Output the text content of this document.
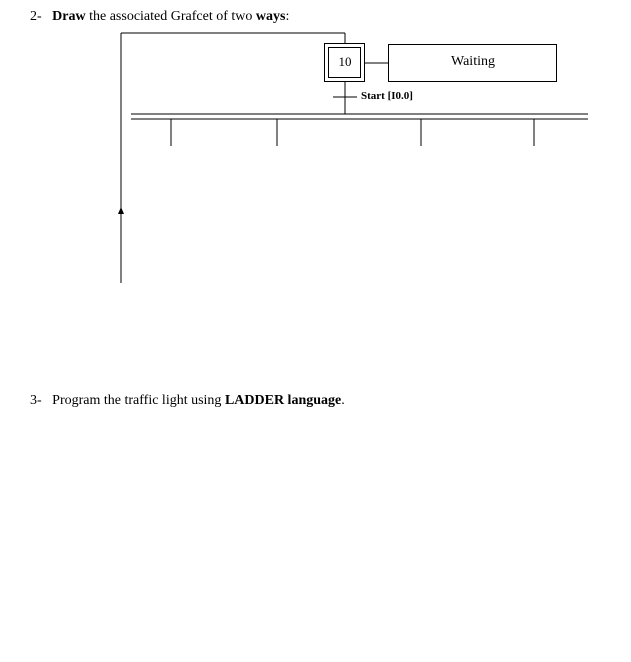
2- Draw the associated Grafcet of two ways:
10	Waiting
Start [I0.0]
3- Program the traffic light using LADDER language.
